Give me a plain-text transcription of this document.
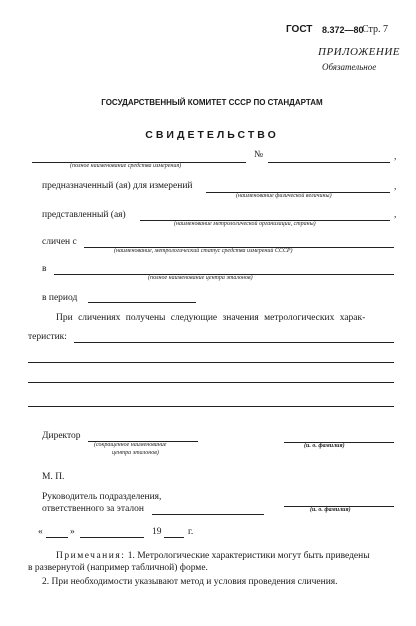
ГОСТ 8.372—80
Стр. 7
ПРИЛОЖЕНИЕ
Обязательное
ГОСУДАРСТВЕННЫЙ КОМИТЕТ СССР ПО СТАНДАРТАМ
СВИДЕТЕЛЬСТВО
№	,
(полное наименование средства измерения)
предназначенный (ая) для измерений	,
(наименование физической величины)
представленный (ая)	,
(наименование метрологической организации, страны)
сличен с
(наименование, метрологический статус средства измерений СССР)
в
(полное наименование центра эталонов)
в период
При сличениях получены следующие значения метрологических харак-
теристик:
Директор
(сокращенное наименование
центра эталонов)
(и. о. фамилия)
М. П.
Руководитель подразделения,
ответственного за эталон	(и. о. фамилия)
«	»	19	г.
Примечания: 1. Метрологические характеристики могут быть приведены
в развернутой (например табличной) форме.
2. При необходимости указывают метод и условия проведения сличения.
